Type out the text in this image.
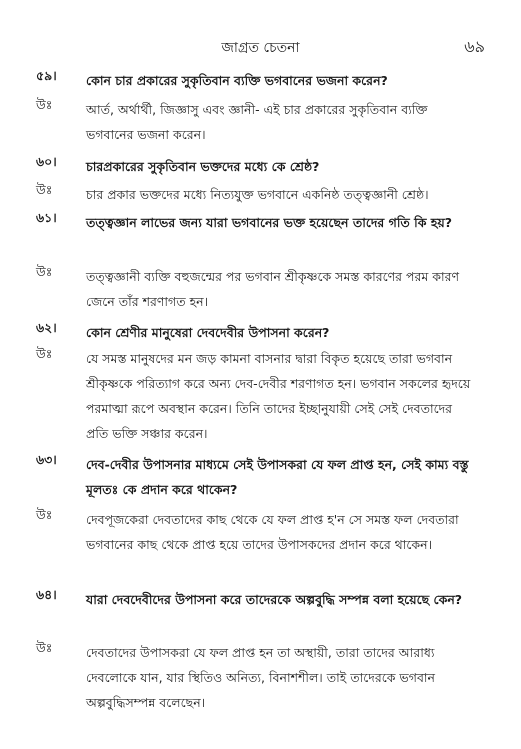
জাগ্রত চেতনা	৬৯
৫৯। কোন চার প্রকারের সুকৃতিবান ব্যক্তি ভগবানের ভজনা করেন?
উঃ	আর্ত, অর্থার্থী, জিজ্ঞাসু এবং জ্ঞানী- এই চার প্রকারের সুকৃতিবান ব্যক্তি ভগবানের ভজনা করেন।
৬০। চারপ্রকারের সুকৃতিবান ভক্তদের মধ্যে কে শ্রেষ্ঠ?
উঃ	চার প্রকার ভক্তদের মধ্যে নিত্যযুক্ত ভগবানে একনিষ্ঠ তত্ত্বজ্ঞানী শ্রেষ্ঠ।
৬১। তত্ত্বজ্ঞান লাভের জন্য যারা ভগবানের ভক্ত হয়েছেন তাদের গতি কি হয়?
উঃ	তত্ত্বজ্ঞানী ব্যক্তি বহুজন্মের পর ভগবান শ্রীকৃষ্ণকে সমস্ত কারণের পরম কারণ জেনে তাঁর শরণাগত হন।
৬২। কোন শ্রেণীর মানুষেরা দেবদেবীর উপাসনা করেন?
উঃ	যে সমস্ত মানুষদের মন জড় কামনা বাসনার দ্বারা বিকৃত হয়েছে তারা ভগবান শ্রীকৃষ্ণকে পরিত্যাগ করে অন্য দেব-দেবীর শরণাগত হন। ভগবান সকলের হৃদয়ে পরমাত্মা রূপে অবস্থান করেন। তিনি তাদের ইচ্ছানুযায়ী সেই সেই দেবতাদের প্রতি ভক্তি সঞ্চার করেন।
৬৩। দেব-দেবীর উপাসনার মাধ্যমে সেই উপাসকরা যে ফল প্রাপ্ত হন, সেই কাম্য বস্তু মূলতঃ কে প্রদান করে থাকেন?
উঃ	দেবপূজকেরা দেবতাদের কাছ থেকে যে ফল প্রাপ্ত হ'ন সে সমস্ত ফল দেবতারা ভগবানের কাছ থেকে প্রাপ্ত হয়ে তাদের উপাসকদের প্রদান করে থাকেন।
৬৪। যারা দেবদেবীদের উপাসনা করে তাদেরকে অল্পবুদ্ধি সম্পন্ন বলা হয়েছে কেন?
উঃ	দেবতাদের উপাসকরা যে ফল প্রাপ্ত হন তা অস্থায়ী, তারা তাদের আরাধ্য দেবলোকে যান, যার স্থিতিও অনিত্য, বিনাশশীল। তাই তাদেরকে ভগবান অল্পবুদ্ধিসম্পন্ন বলেছেন।
